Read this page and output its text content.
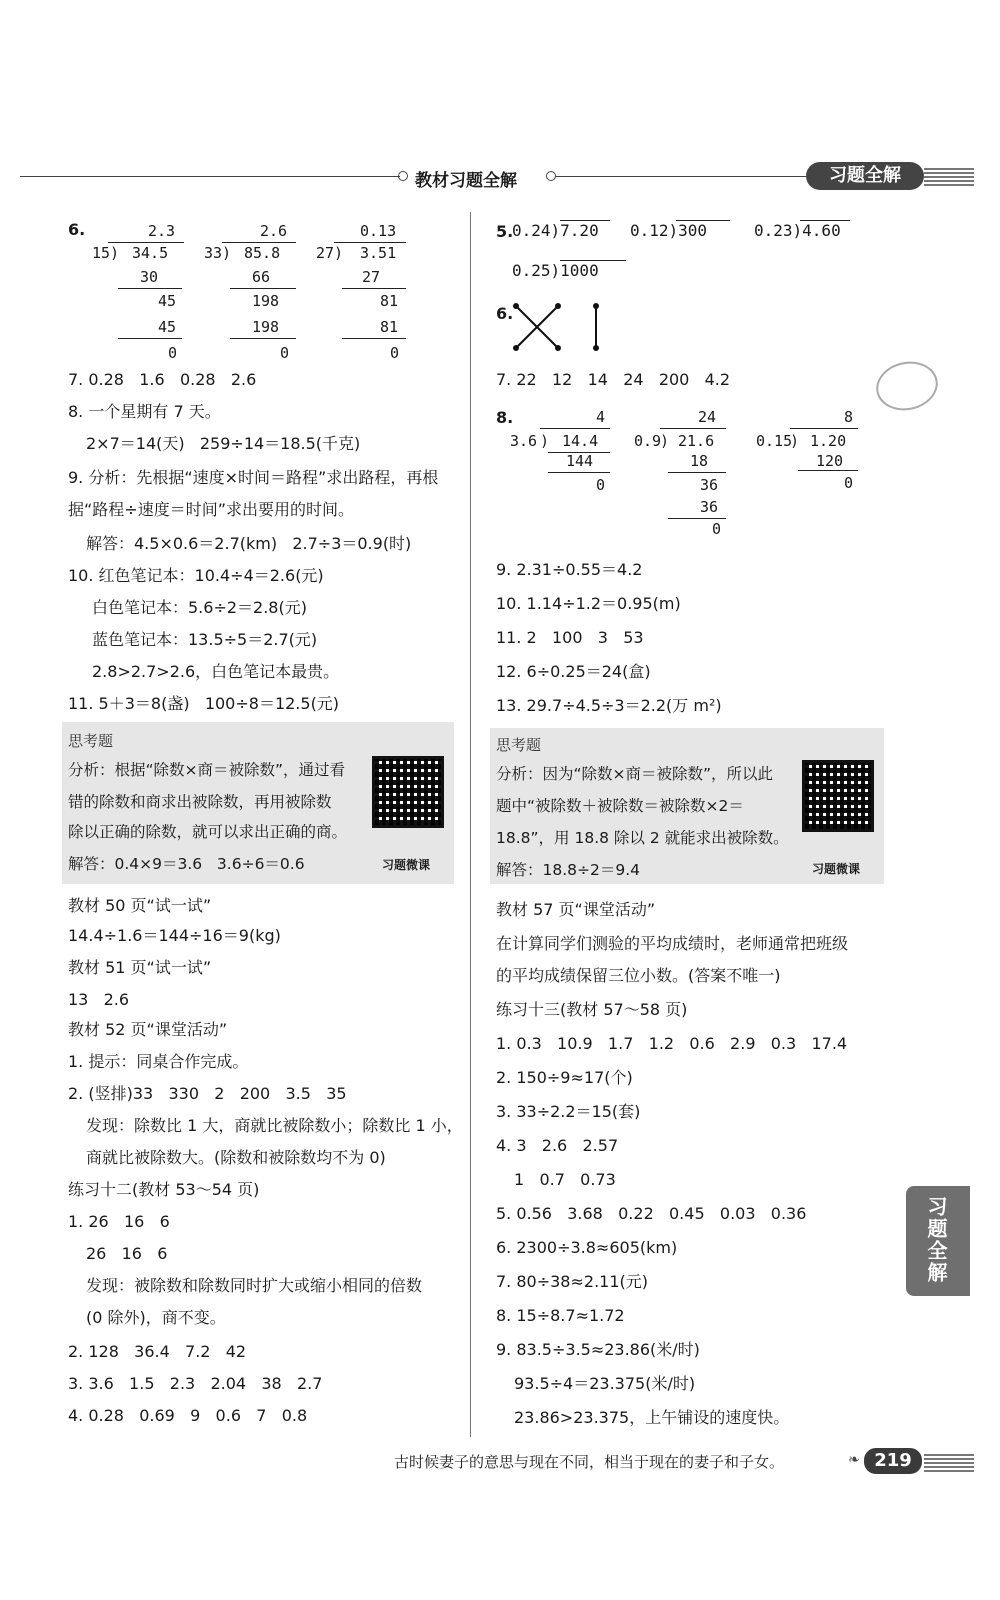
教材习题全解	习题全解
6.	2.3
15 ) 34.5
30
45
45
0
2.6
33 ) 85.8
66
198
198
0
0.13
27 ) 3.51
27
81
81
0
7. 0.28   1.6   0.28   2.6
8. 一个星期有 7 天。
2×7＝14(天)   259÷14＝18.5(千克)
9. 分析：先根据“速度×时间＝路程”求出路程，再根
据“路程÷速度＝时间”求出要用的时间。
解答：4.5×0.6＝2.7(km)   2.7÷3＝0.9(时)
10. 红色笔记本：10.4÷4＝2.6(元)
白色笔记本：5.6÷2＝2.8(元)
蓝色笔记本：13.5÷5＝2.7(元)
2.8>2.7>2.6，白色笔记本最贵。
11. 5＋3＝8(盏)   100÷8＝12.5(元)
思考题
分析：根据“除数×商＝被除数”，通过看
错的除数和商求出被除数，再用被除数
除以正确的除数，就可以求出正确的商。
解答：0.4×9＝3.6   3.6÷6＝0.6	习题微课
教材 50 页“试一试”
14.4÷1.6＝144÷16＝9(kg)
教材 51 页“试一试”
13   2.6
教材 52 页“课堂活动”
1. 提示：同桌合作完成。
2. (竖排)33   330   2   200   3.5   35
发现：除数比 1 大，商就比被除数小；除数比 1 小，
商就比被除数大。(除数和被除数均不为 0)
练习十二(教材 53～54 页)
1. 26   16   6
26   16   6
发现：被除数和除数同时扩大或缩小相同的倍数
(0 除外)，商不变。
2. 128   36.4   7.2   42
3. 3.6   1.5   2.3   2.04   38   2.7
4. 0.28   0.69   9   0.6   7   0.8
5.
0.24)7.20 0.12)300	0.23)4.60
0.25)1000
6.
7. 22   12   14   24   200   4.2
8.	4
3.6 ) 14.4
144
0
24
0.9
) 21.6
18
36
36
0
8
0.15
) 1.20
120
0
9. 2.31÷0.55＝4.2
10. 1.14÷1.2＝0.95(m)
11. 2   100   3   53
12. 6÷0.25＝24(盒)
13. 29.7÷4.5÷3＝2.2(万 m²)
思考题
分析：因为“除数×商＝被除数”，所以此
题中“被除数＋被除数＝被除数×2＝
18.8”，用 18.8 除以 2 就能求出被除数。
解答：18.8÷2＝9.4	习题微课
教材 57 页“课堂活动”
在计算同学们测验的平均成绩时，老师通常把班级
的平均成绩保留三位小数。(答案不唯一)
练习十三(教材 57～58 页)
1. 0.3   10.9   1.7   1.2   0.6   2.9   0.3   17.4
2. 150÷9≈17(个)
3. 33÷2.2＝15(套)
4. 3   2.6   2.57
1   0.7   0.73
5. 0.56   3.68   0.22   0.45   0.03   0.36
6. 2300÷3.8≈605(km)
7. 80÷38≈2.11(元)
8. 15÷8.7≈1.72
9. 83.5÷3.5≈23.86(米/时)
93.5÷4＝23.375(米/时)
23.86>23.375，上午铺设的速度快。
习题全解
古时候妻子的意思与现在不同，相当于现在的妻子和子女。	❧ 219
